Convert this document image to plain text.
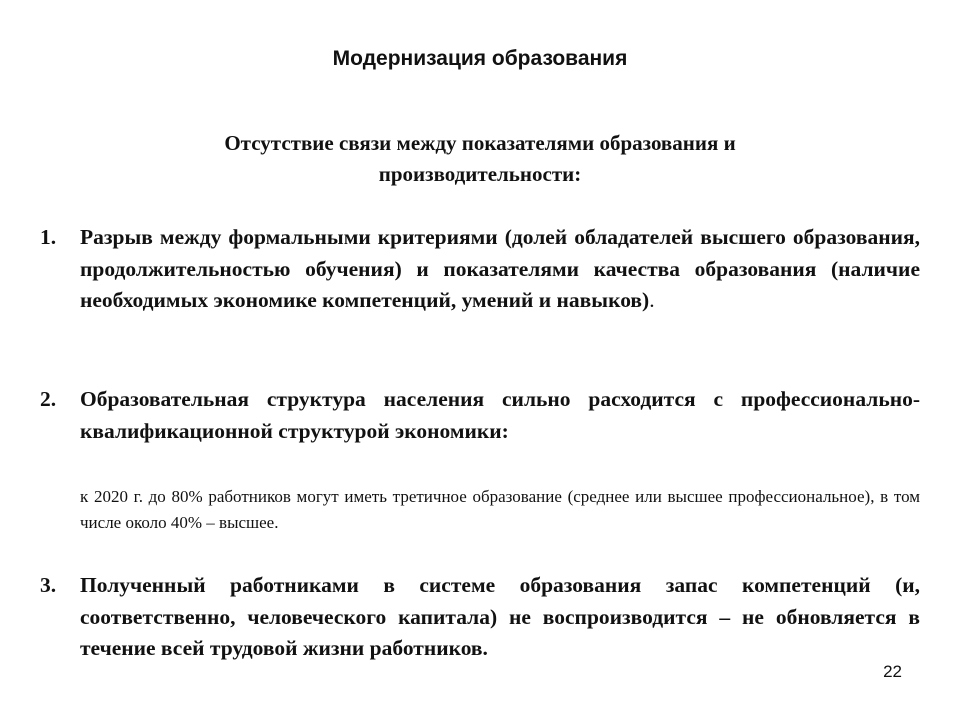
Модернизация образования
Отсутствие связи между показателями образования и производительности:
1.	Разрыв между формальными критериями (долей обладателей высшего образования, продолжительностью обучения) и показателями качества образования (наличие необходимых экономике компетенций, умений и навыков).
2.	Образовательная структура населения сильно расходится с профессионально-квалификационной структурой экономики:
к 2020 г. до 80% работников могут иметь третичное образование (среднее или высшее профессиональное), в том числе около 40% – высшее.
3.	Полученный работниками в системе образования запас компетенций (и, соответственно, человеческого капитала) не воспроизводится – не обновляется в течение всей трудовой жизни работников.
22
